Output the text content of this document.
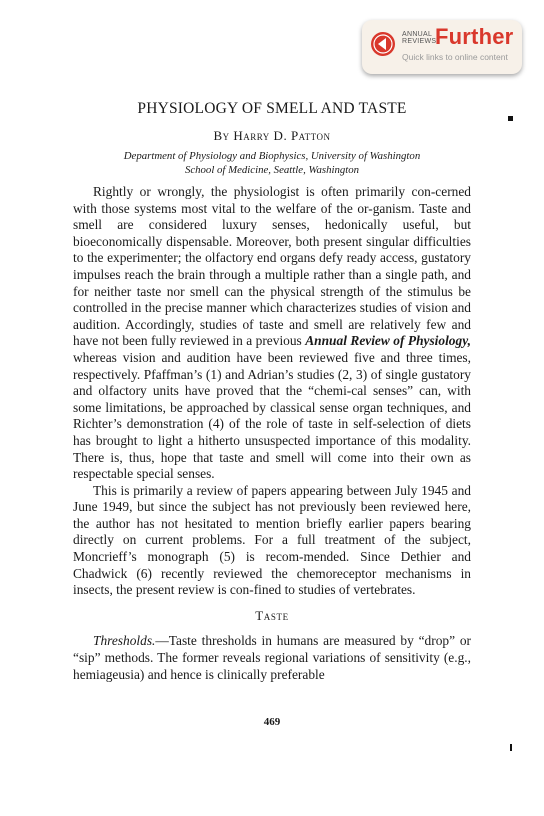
ANNUAL
REVIEWS
Further
Quick links to online content
PHYSIOLOGY OF SMELL AND TASTE
By Harry D. Patton
Department of Physiology and Biophysics, University of Washington
School of Medicine, Seattle, Washington

Rightly or wrongly, the physiologist is often primarily con-cerned with those systems most vital to the welfare of the or-ganism. Taste and smell are considered luxury senses, hedonically useful, but bioeconomically dispensable. Moreover, both present singular difficulties to the experimenter; the olfactory end organs defy ready access, gustatory impulses reach the brain through a multiple rather than a single path, and for neither taste nor smell can the physical strength of the stimulus be controlled in the precise manner which characterizes studies of vision and audition. Accordingly, studies of taste and smell are relatively few and have not been fully reviewed in a previous Annual Review of Physiology, whereas vision and audition have been reviewed five and three times, respectively. Pfaffman’s (1) and Adrian’s studies (2, 3) of single gustatory and olfactory units have proved that the “chemi-cal senses” can, with some limitations, be approached by classical sense organ techniques, and Richter’s demonstration (4) of the role of taste in self-selection of diets has brought to light a hitherto unsuspected importance of this modality. There is, thus, hope that taste and smell will come into their own as respectable special senses.

This is primarily a review of papers appearing between July 1945 and June 1949, but since the subject has not previously been reviewed here, the author has not hesitated to mention briefly earlier papers bearing directly on current problems. For a full treatment of the subject, Moncrieff’s monograph (5) is recom-mended. Since Dethier and Chadwick (6) recently reviewed the chemoreceptor mechanisms in insects, the present review is con-fined to studies of vertebrates.

Taste

Thresholds.—Taste thresholds in humans are measured by “drop” or “sip” methods. The former reveals regional variations of sensitivity (e.g., hemiageusia) and hence is clinically preferable

469
